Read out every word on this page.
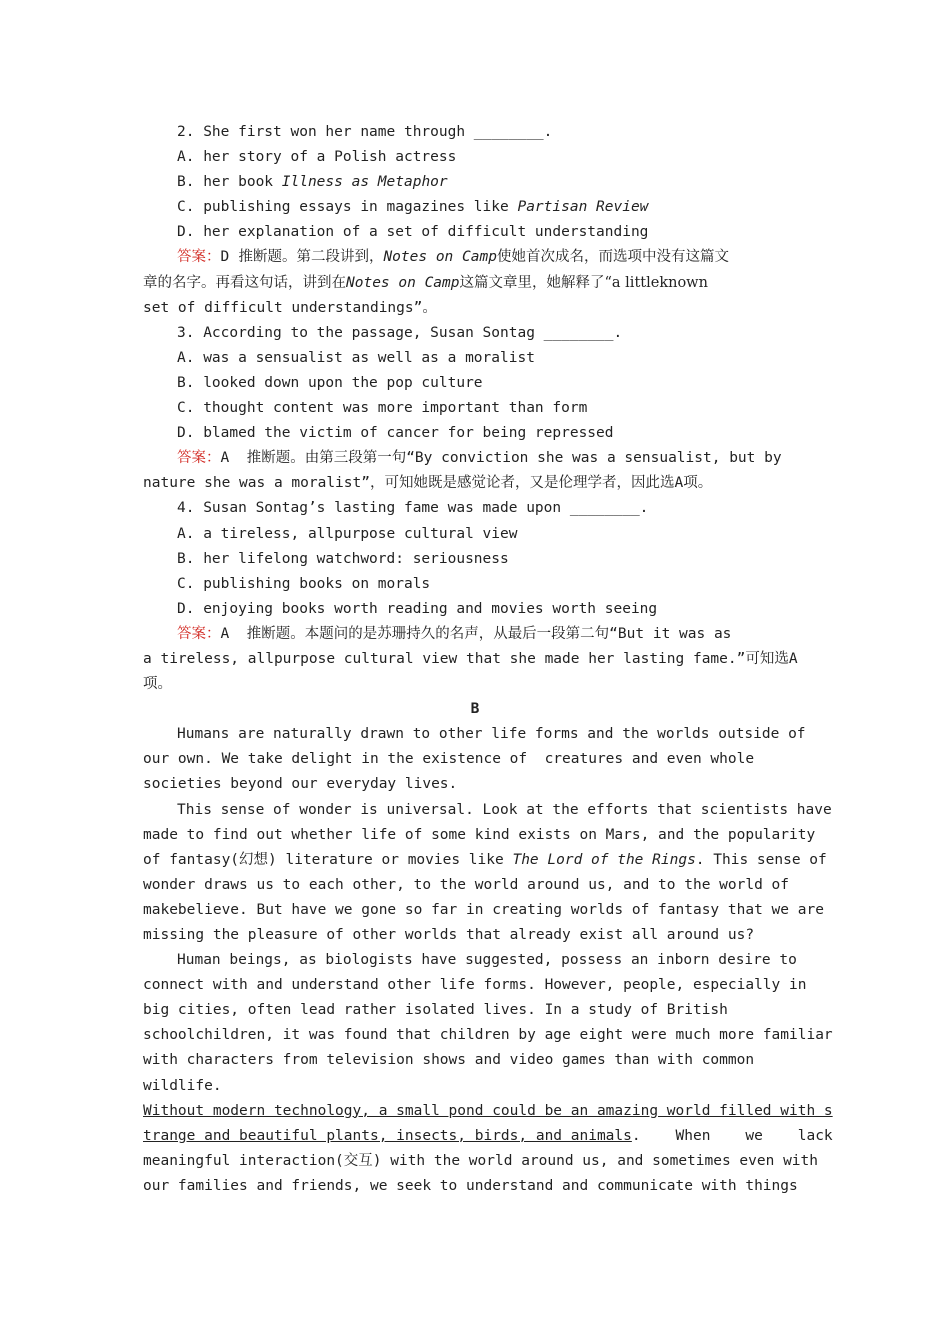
2. She first won her name through ________.
A. her story of a Polish actress
B. her book Illness as Metaphor
C. publishing essays in magazines like Partisan Review
D. her explanation of a set of difficult understanding
答案：D  推断题。第二段讲到，Notes on Camp使她首次成名，而选项中没有这篇文
章的名字。再看这句话，讲到在Notes on Camp这篇文章里，她解释了“a littleknown
set of difficult understandings”。
3. According to the passage, Susan Sontag ________.
A. was a sensualist as well as a moralist
B. looked down upon the pop culture
C. thought content was more important than form
D. blamed the victim of cancer for being repressed
答案：A  推断题。由第三段第一句“By conviction she was a sensualist, but by
nature she was a moralist”，可知她既是感觉论者，又是伦理学者，因此选A项。
4. Susan Sontag’s lasting fame was made upon ________.
A. a tireless, allpurpose cultural view
B. her lifelong watchword: seriousness
C. publishing books on morals
D. enjoying books worth reading and movies worth seeing
答案：A  推断题。本题问的是苏珊持久的名声，从最后一段第二句“But it was as
a tireless, allpurpose cultural view that she made her lasting fame.”可知选A
项。
B
Humans are naturally drawn to other life forms and the worlds outside of
our own. We take delight in the existence of  creatures and even whole
societies beyond our everyday lives.
This sense of wonder is universal. Look at the efforts that scientists have
made to find out whether life of some kind exists on Mars, and the popularity
of fantasy(幻想) literature or movies like The Lord of the Rings. This sense of
wonder draws us to each other, to the world around us, and to the world of
makebelieve. But have we gone so far in creating worlds of fantasy that we are
missing the pleasure of other worlds that already exist all around us?
Human beings, as biologists have suggested, possess an inborn desire to
connect with and understand other life forms. However, people, especially in
big cities, often lead rather isolated lives. In a study of British
schoolchildren, it was found that children by age eight were much more familiar
with characters from television shows and video games than with common
wildlife.
Without modern technology, a small pond could be an amazing world filled with s
trange and beautiful plants, insects, birds, and animals.    When    we    lack
meaningful interaction(交互) with the world around us, and sometimes even with
our families and friends, we seek to understand and communicate with things
